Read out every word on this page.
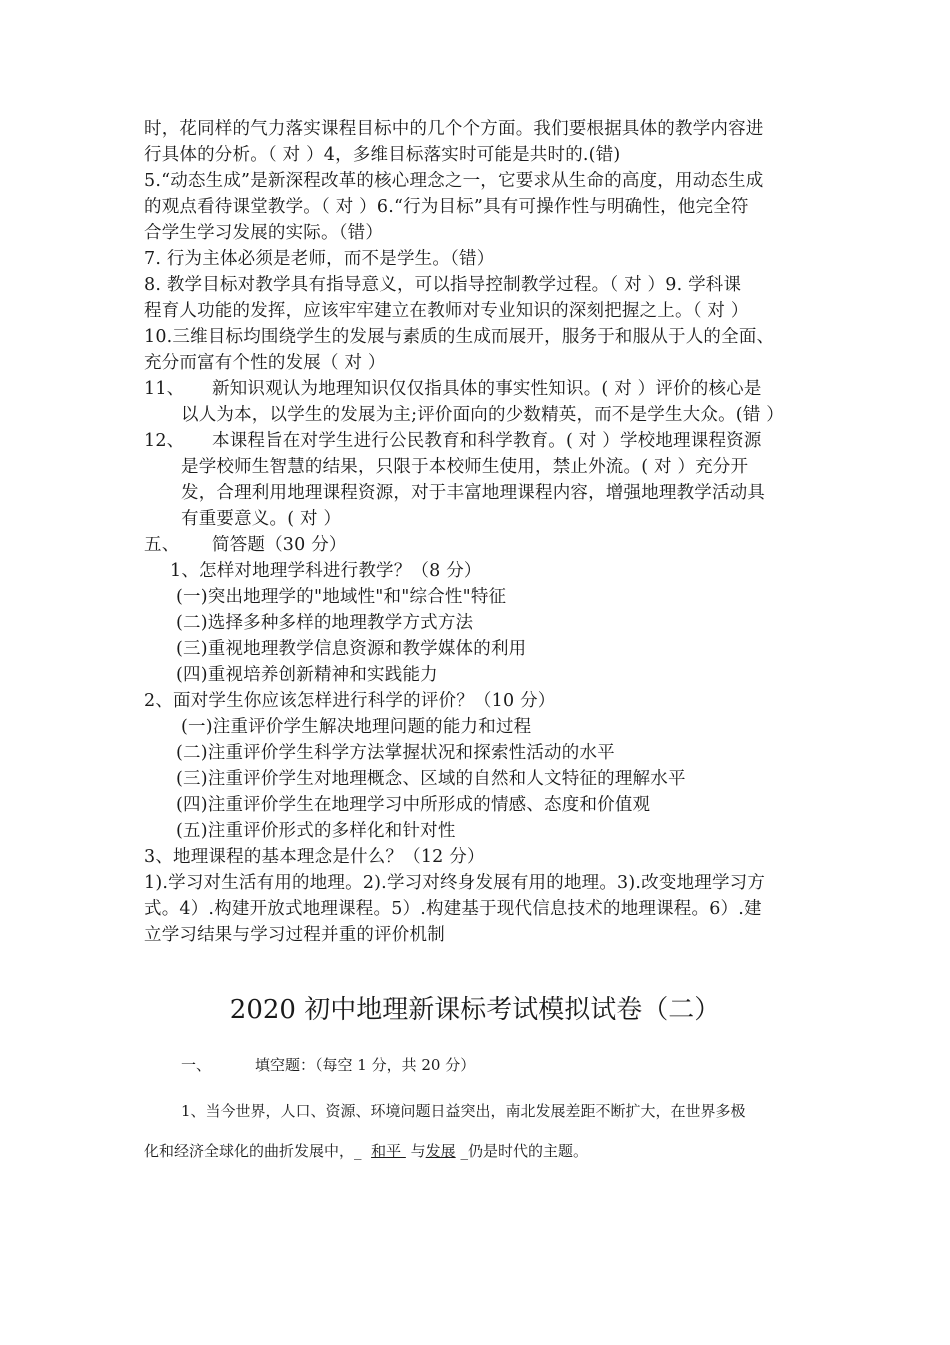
时，花同样的气力落实课程目标中的几个个方面。我们要根据具体的教学内容进
行具体的分析。（ 对 ）4，多维目标落实时可能是共时的.(错)
5.“动态生成”是新深程改革的核心理念之一，它要求从生命的高度，用动态生成
的观点看待课堂教学。（ 对 ）6.“行为目标”具有可操作性与明确性，他完全符
合学生学习发展的实际。（错）
7. 行为主体必须是老师，而不是学生。（错）
8. 教学目标对教学具有指导意义，可以指导控制教学过程。（ 对 ）9. 学科课
程育人功能的发挥，应该牢牢建立在教师对专业知识的深刻把握之上。（ 对 ）
10.三维目标均围绕学生的发展与素质的生成而展开，服务于和服从于人的全面、
充分而富有个性的发展（ 对 ）
11、 新知识观认为地理知识仅仅指具体的事实性知识。( 对 ）评价的核心是
以人为本，以学生的发展为主;评价面向的少数精英，而不是学生大众。(错 ）
12、 本课程旨在对学生进行公民教育和科学教育。( 对 ）学校地理课程资源
是学校师生智慧的结果，只限于本校师生使用，禁止外流。( 对 ）充分开
发，合理利用地理课程资源，对于丰富地理课程内容，增强地理教学活动具
有重要意义。( 对 ）
五、 简答题（30 分）
1、怎样对地理学科进行教学？（8 分）
(一)突出地理学的"地域性"和"综合性"特征
(二)选择多种多样的地理教学方式方法
(三)重视地理教学信息资源和教学媒体的利用
(四)重视培养创新精神和实践能力
2、面对学生你应该怎样进行科学的评价？（10 分）
(一)注重评价学生解决地理问题的能力和过程
(二)注重评价学生科学方法掌握状况和探索性活动的水平
(三)注重评价学生对地理概念、区域的自然和人文特征的理解水平
(四)注重评价学生在地理学习中所形成的情感、态度和价值观
(五)注重评价形式的多样化和针对性
3、地理课程的基本理念是什么？（12 分）
1).学习对生活有用的地理。2).学习对终身发展有用的地理。3).改变地理学习方
式。4）.构建开放式地理课程。5）.构建基于现代信息技术的地理课程。6）.建
立学习结果与学习过程并重的评价机制
2020 初中地理新课标考试模拟试卷（二）
一、	填空题：（每空 1 分，共 20 分）
1、当今世界，人口、资源、环境问题日益突出，南北发展差距不断扩大，在世界多极
化和经济全球化的曲折发展中，_ 和平  与发展 _仍是时代的主题。
